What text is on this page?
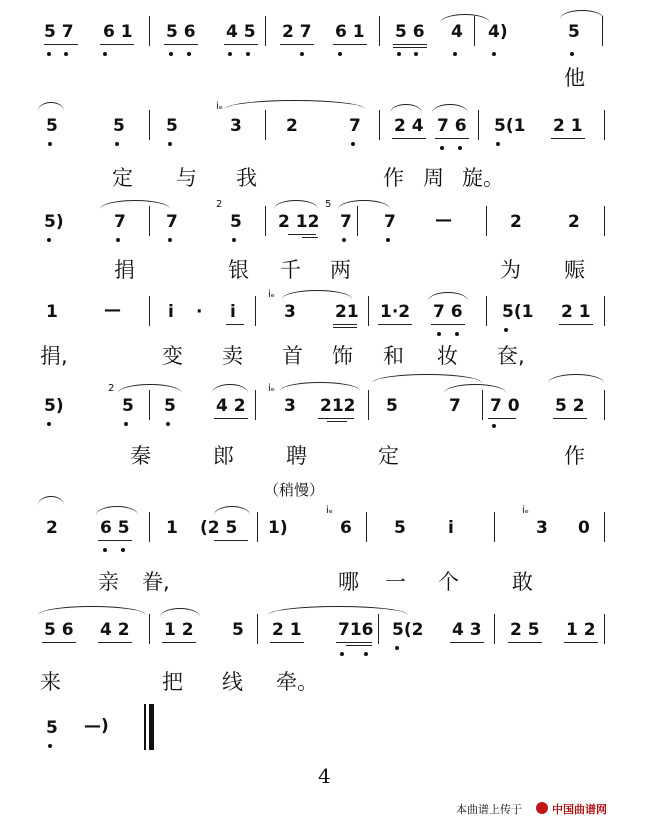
5 7 6 1 5 6 4 5 2 7 6 1 5 6 4 4)	5
他
5	5 5
iₑ
3	2	7 2 4 7 6 5(1 2 1
定 与 我	作 周 旋。
5)	7 7
2
5 2 12
5
7 7 —	2	2
捐	银 千 两	为 赈
1	—	i · i
iₑ
3 21 1·2 7 6 5(1 2 1
捐,	变 卖 首 饰 和 妆 奁,
5)
2
5 5 4 2
iₑ
3 212 5	7 7 0 5 2
秦	郎 聘	定	作
（稍慢）
2 6 5 1 (2 5 1)
iₑ
6 5 i
iₑ
3 0
亲 眷,	哪 一 个	敢
5 6 4 2 1 2 5 2 1 716 5(2 4 3 2 5 1 2
来	把 线 牵。
5 —)
4
本曲谱上传于	中国曲谱网
